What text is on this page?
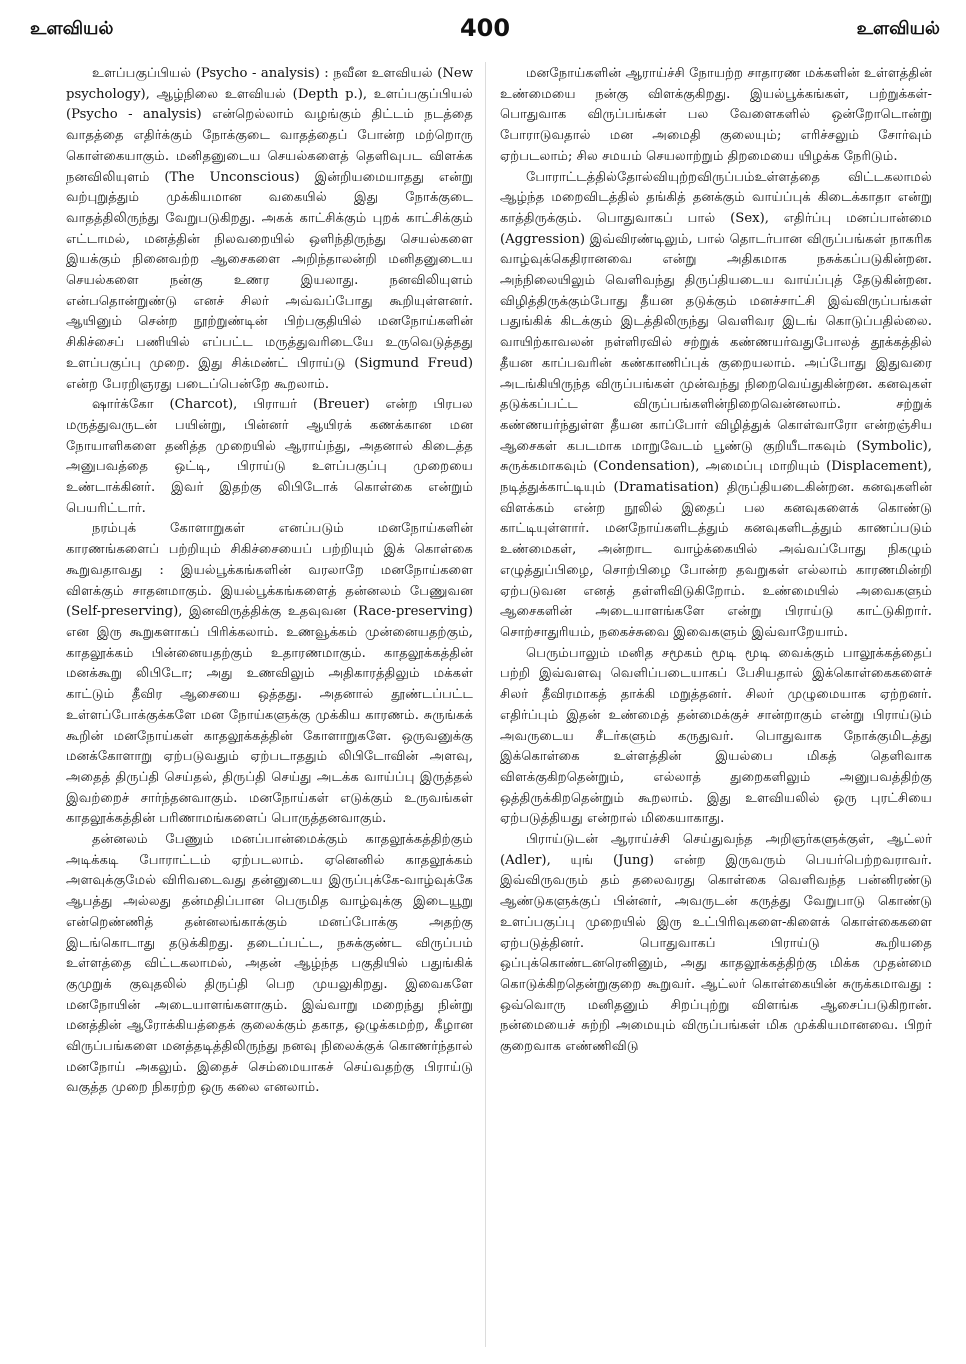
உளவியல்	400	உளவியல்

உளப்பகுப்பியல் (Psycho - analysis) : நவீன உளவியல் (New psychology), ஆழ்நிலை உளவியல் (Depth p.), உளப்பகுப்பியல் (Psycho - analysis) என்றெல்லாம் வழங்கும் திட்டம் நடத்தை வாதத்தை எதிர்க்கும் நோக்குடை வாதத்தைப் போன்ற மற்றொரு கொள்கையாகும். மனிதனுடைய செயல்களைத் தெளிவுபட விளக்க நனவிலியுளம் (The Unconscious) இன்றியமையாதது என்று வற்புறுத்தும் முக்கியமான வகையில் இது நோக்குடை வாதத்திலிருந்து வேறுபடுகிறது. அகக் காட்சிக்கும் புறக் காட்சிக்கும் எட்டாமல், மனத்தின் நிலவறையில் ஒளிந்திருந்து செயல்களை இயக்கும் நினைவற்ற ஆசைகளை அறிந்தாலன்றி மனிதனுடைய செயல்களை நன்கு உணர இயலாது. நனவிலியுளம் என்பதொன்றுண்டு எனச் சிலர் அவ்வப்போது கூறியுள்ளனர். ஆயினும் சென்ற நூற்றுண்டின் பிற்பகுதியில் மனநோய்களின் சிகிச்சைப் பணியில் எப்பட்ட மருத்துவரிடையே உருவெடுத்தது உளப்பகுப்பு முறை. இது சிக்மண்ட் பிராய்டு (Sigmund Freud) என்ற பேரறிஞரது படைப்பென்றே கூறலாம்.

ஷார்க்கோ (Charcot), பிராயர் (Breuer) என்ற பிரபல மருத்துவருடன் பயின்று, பின்னர் ஆயிரக் கணக்கான மன நோயாளிகளை தனித்த முறையில் ஆராய்ந்து, அதனால் கிடைத்த அனுபவத்தை ஒட்டி, பிராய்டு உளப்பகுப்பு முறையை உண்டாக்கினர். இவர் இதற்கு லிபிடோக் கொள்கை என்றும் பெயரிட்டார்.

நரம்புக் கோளாறுகள் எனப்படும் மனநோய்களின் காரணங்களைப் பற்றியும் சிகிச்சையைப் பற்றியும் இக் கொள்கை கூறுவதாவது : இயல்பூக்கங்களின் வரலாறே மனநோய்களை விளக்கும் சாதனமாகும். இயல்பூக்கங்களைத் தன்னலம் பேணுவன (Self-preserving), இனவிருத்திக்கு உதவுவன (Race-preserving) என இரு கூறுகளாகப் பிரிக்கலாம். உணவூக்கம் முன்னையதற்கும், காதலூக்கம் பின்னையதற்கும் உதாரணமாகும். காதலூக்கத்தின் மனக்கூறு லிபிடோ; அது உணவிலும் அதிகாரத்திலும் மக்கள் காட்டும் தீவிர ஆசையை ஒத்தது. அதனால் தூண்டப்பட்ட உள்ளப்போக்குக்களே மன நோய்களுக்கு முக்கிய காரணம். சுருங்கக் கூறின் மனநோய்கள் காதலூக்கத்தின் கோளாறுகளே. ஒருவனுக்கு மனக்கோளாறு ஏற்படுவதும் ஏற்படாததும் லிபிடோவின் அளவு, அதைத் திருப்தி செய்தல், திருப்தி செய்து அடக்க வாய்ப்பு இருத்தல் இவற்றைச் சார்ந்தனவாகும். மனநோய்கள் எடுக்கும் உருவங்கள் காதலூக்கத்தின் பரிணாமங்களைப் பொருத்தனவாகும்.

தன்னலம் பேணும் மனப்பான்மைக்கும் காதலூக்கத்திற்கும் அடிக்கடி போராட்டம் ஏற்படலாம். ஏனெனில் காதலூக்கம் அளவுக்குமேல் விரிவடைவது தன்னுடைய இருப்புக்கே-வாழ்வுக்கே ஆபத்து அல்லது தன்மதிப்பான பெருமித வாழ்வுக்கு இடையூறு என்றெண்ணித் தன்னலங்காக்கும் மனப்போக்கு அதற்கு இடங்கொடாது தடுக்கிறது. தடைப்பட்ட, நசுக்குண்ட விருப்பம் உள்ளத்தை விட்டகலாமல், அதன் ஆழ்ந்த பகுதியில் பதுங்கிக் குமுறுக் குவுதலில் திருப்தி பெற முயலுகிறது. இவைகளே மனநோயின் அடையாளங்களாகும். இவ்வாறு மறைந்து நின்று மனத்தின் ஆரோக்கியத்தைக் குலைக்கும் தகாத, ஒழுக்கமற்ற, கீழான விருப்பங்களை மனத்தடித்திலிருந்து நனவு நிலைக்குக் கொணர்ந்தால் மனநோய் அகலும். இதைச் செம்மையாகச் செய்வதற்கு பிராய்டு வகுத்த முறை நிகரற்ற ஒரு கலை எனலாம்.

மனநோய்களின் ஆராய்ச்சி நோயற்ற சாதாரண மக்களின் உள்ளத்தின் உண்மையை நன்கு விளக்குகிறது. இயல்பூக்கங்கள், பற்றுக்கள்-பொதுவாக விருப்பங்கள் பல வேளைகளில் ஒன்றோடொன்று போராடுவதால் மன அமைதி குலையும்; எரிச்சலும் சோர்வும் ஏற்படலாம்; சில சமயம் செயலாற்றும் திறமையை யிழக்க நேரிடும்.

போராட்டத்தில்தோல்வியுற்றவிருப்பம்உள்ளத்தை விட்டகலாமல் ஆழ்ந்த மறைவிடத்தில் தங்கித் தனக்கும் வாய்ப்புக் கிடைக்காதா என்று காத்திருக்கும். பொதுவாகப் பால் (Sex), எதிர்ப்பு மனப்பான்மை (Aggression) இவ்விரண்டிலும், பால் தொடர்பான விருப்பங்கள் நாகரிக வாழ்வுக்கெதிரானவை என்று அதிகமாக நசுக்கப்படுகின்றன. அந்நிலையிலும் வெளிவந்து திருப்தியடைய வாய்ப்புத் தேடுகின்றன. விழித்திருக்கும்போது தீயன தடுக்கும் மனச்சாட்சி இவ்விருப்பங்கள் பதுங்கிக் கிடக்கும் இடத்திலிருந்து வெளிவர இடங் கொடுப்பதில்லை. வாயிற்காவலன் நள்ளிரவில் சற்றுக் கண்ணயர்வதுபோலத் தூக்கத்தில் தீயன காப்பவரின் கண்காணிப்புக் குறையலாம். அப்போது இதுவரை அடங்கியிருந்த விருப்பங்கள் முன்வந்து நிறைவெய்துகின்றன. கனவுகள் தடுக்கப்பட்ட விருப்பங்களின்நிறைவென்னலாம். சற்றுக் கண்ணயர்ந்துள்ள தீயன காப்போர் விழித்துக் கொள்வாரோ என்றஞ்சிய ஆசைகள் கபடமாக மாறுவேடம் பூண்டு குறியீடாகவும் (Symbolic), சுருக்கமாகவும் (Condensation), அமைப்பு மாறியும் (Displacement), நடித்துக்காட்டியும் (Dramatisation) திருப்தியடைகின்றன. கனவுகளின் விளக்கம் என்ற நூலில் இதைப் பல கனவுகளைக் கொண்டு காட்டியுள்ளார். மனநோய்களிடத்தும் கனவுகளிடத்தும் காணப்படும் உண்மைகள், அன்றாட வாழ்க்கையில் அவ்வப்போது நிகழும் எழுத்துப்பிழை, சொற்பிழை போன்ற தவறுகள் எல்லாம் காரணமின்றி ஏற்படுவன எனத் தள்ளிவிடுகிறோம். உண்மையில் அவைகளும் ஆசைகளின் அடையாளங்களே என்று பிராய்டு காட்டுகிறார். சொற்சாதுரியம், நகைச்சுவை இவைகளும் இவ்வாறேயாம்.

பெரும்பாலும் மனித சமூகம் மூடி மூடி வைக்கும் பாலூக்கத்தைப் பற்றி இவ்வளவு வெளிப்படையாகப் பேசியதால் இக்கொள்கைகளைச் சிலர் தீவிரமாகத் தாக்கி மறுத்தனர். சிலர் முழுமையாக ஏற்றனர். எதிர்ப்பும் இதன் உண்மைத் தன்மைக்குச் சான்றாகும் என்று பிராய்டும் அவருடைய சீடர்களும் கருதுவர். பொதுவாக நோக்குமிடத்து இக்கொள்கை உள்ளத்தின் இயல்பை மிகத் தெளிவாக விளக்குகிறதென்றும், எல்லாத் துறைகளிலும் அனுபவத்திற்கு ஒத்திருக்கிறதென்றும் கூறலாம். இது உளவியலில் ஒரு புரட்சியை ஏற்படுத்தியது என்றால் மிகையாகாது.

பிராய்டுடன் ஆராய்ச்சி செய்துவந்த அறிஞர்களுக்குள், ஆட்லர் (Adler), யுங் (Jung) என்ற இருவரும் பெயர்பெற்றவராவர். இவ்விருவரும் தம் தலைவரது கொள்கை வெளிவந்த பன்னிரண்டு ஆண்டுகளுக்குப் பின்னர், அவருடன் கருத்து வேறுபாடு கொண்டு உளப்பகுப்பு முறையில் இரு உட்பிரிவுகளை-கிளைக் கொள்கைகளை ஏற்படுத்தினர். பொதுவாகப் பிராய்டு கூறியதை ஒப்புக்கொண்டனரெனினும், அது காதலூக்கத்திற்கு மிக்க முதன்மை கொடுக்கிறதென்றுகுறை கூறுவர். ஆட்லர் கொள்கையின் சுருக்கமாவது : ஒவ்வொரு மனிதனும் சிறப்புற்று விளங்க ஆசைப்படுகிறான். நன்மையைச் சுற்றி அமையும் விருப்பங்கள் மிக முக்கியமானவை. பிறர் குறைவாக எண்ணிவிடு
